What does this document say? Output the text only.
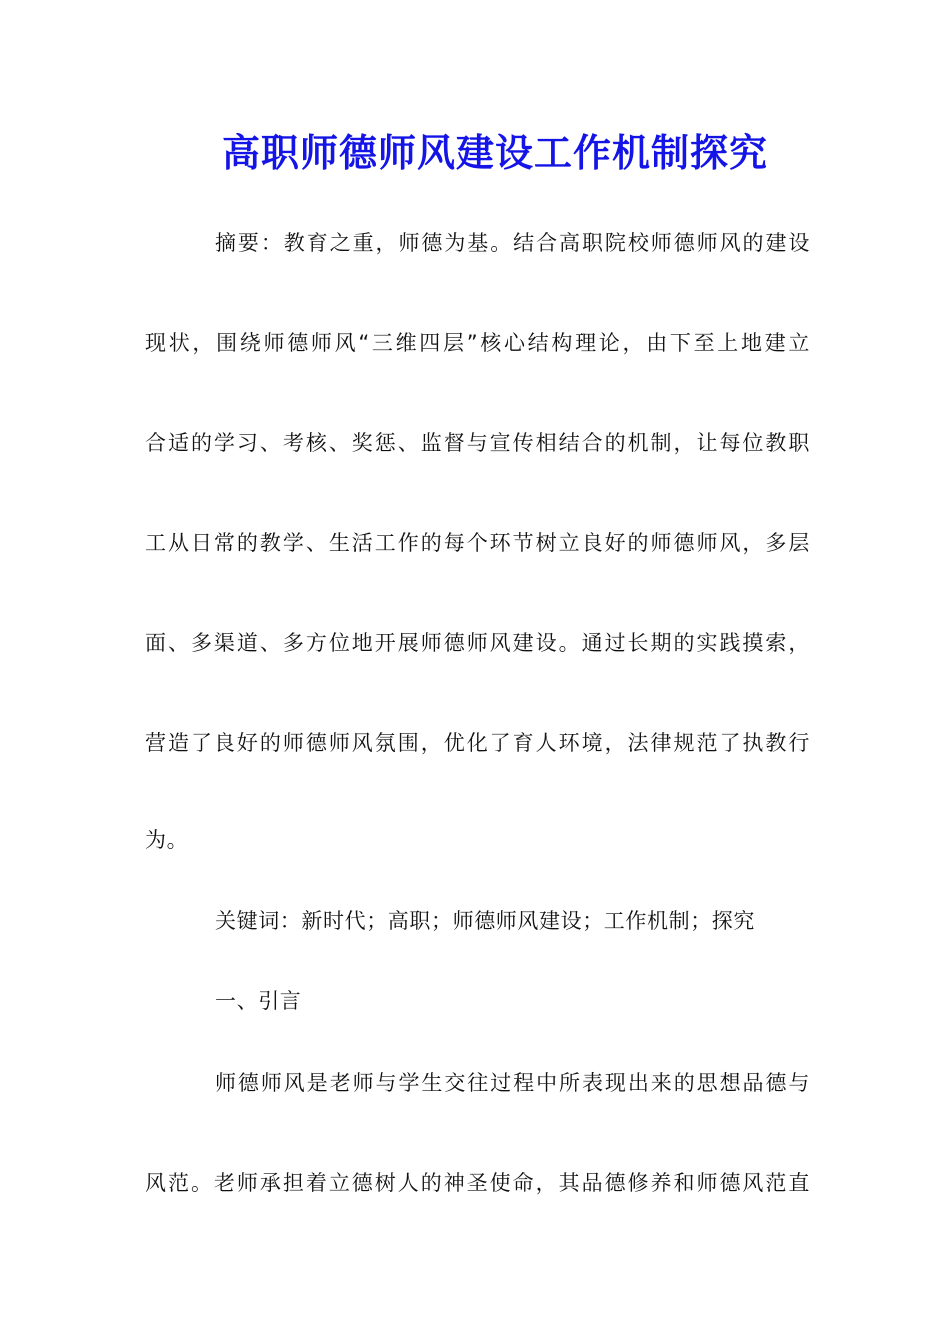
高职师德师风建设工作机制探究
摘要：教育之重，师德为基。结合高职院校师德师风的建设
现状，围绕师德师风“三维四层”核心结构理论，由下至上地建立
合适的学习、考核、奖惩、监督与宣传相结合的机制，让每位教职
工从日常的教学、生活工作的每个环节树立良好的师德师风，多层
面、多渠道、多方位地开展师德师风建设。通过长期的实践摸索，
营造了良好的师德师风氛围，优化了育人环境，法律规范了执教行
为。
关键词：新时代；高职；师德师风建设；工作机制；探究
一、引言
师德师风是老师与学生交往过程中所表现出来的思想品德与
风范。老师承担着立德树人的神圣使命，其品德修养和师德风范直
